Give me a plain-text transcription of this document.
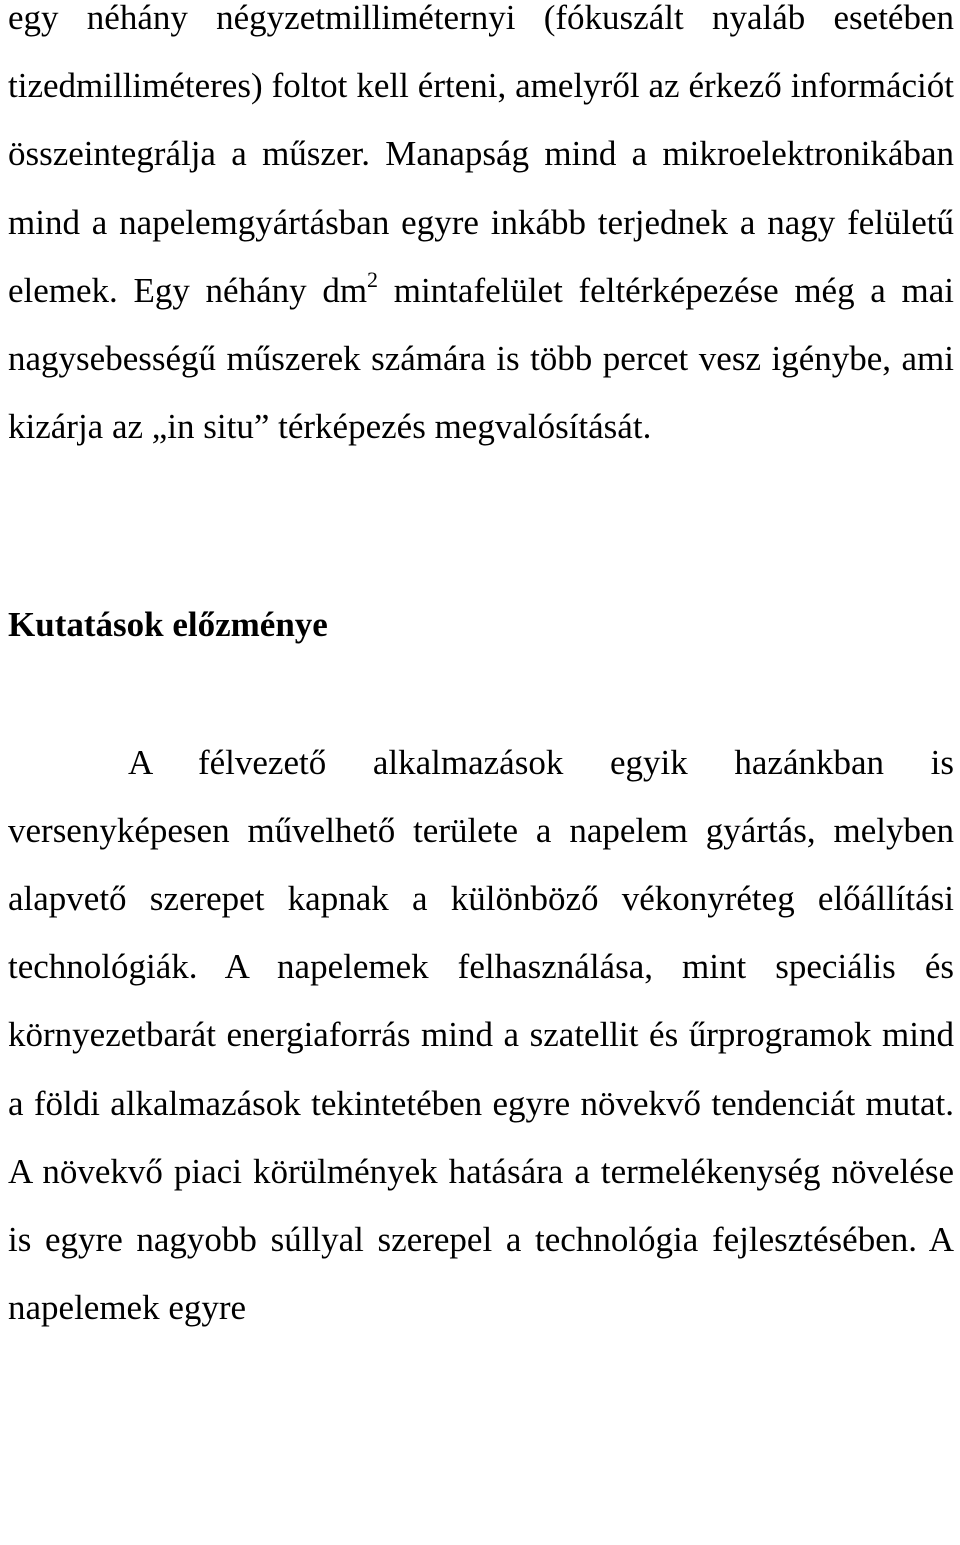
egy néhány négyzetmilliméternyi (fókuszált nyaláb esetében tizedmilliméteres) foltot kell érteni, amelyről az érkező információt összeintegrálja a műszer. Manapság mind a mikroelektronikában mind a napelemgyártásban egyre inkább terjednek a nagy felületű elemek. Egy néhány $dm^2$ mintafelület feltérképezése még a mai nagysebességű műszerek számára is több percet vesz igénybe, ami kizárja az „in situ” térképezés megvalósítását.

Kutatások előzménye

A félvezető alkalmazások egyik hazánkban is versenyképesen művelhető területe a napelem gyártás, melyben alapvető szerepet kapnak a különböző vékonyréteg előállítási technológiák. A napelemek felhasználása, mint speciális és környezetbarát energiaforrás mind a szatellit és űrprogramok mind a földi alkalmazások tekintetében egyre növekvő tendenciát mutat. A növekvő piaci körülmények hatására a termelékenység növelése is egyre nagyobb súllyal szerepel a technológia fejlesztésében. A napelemek egyre
